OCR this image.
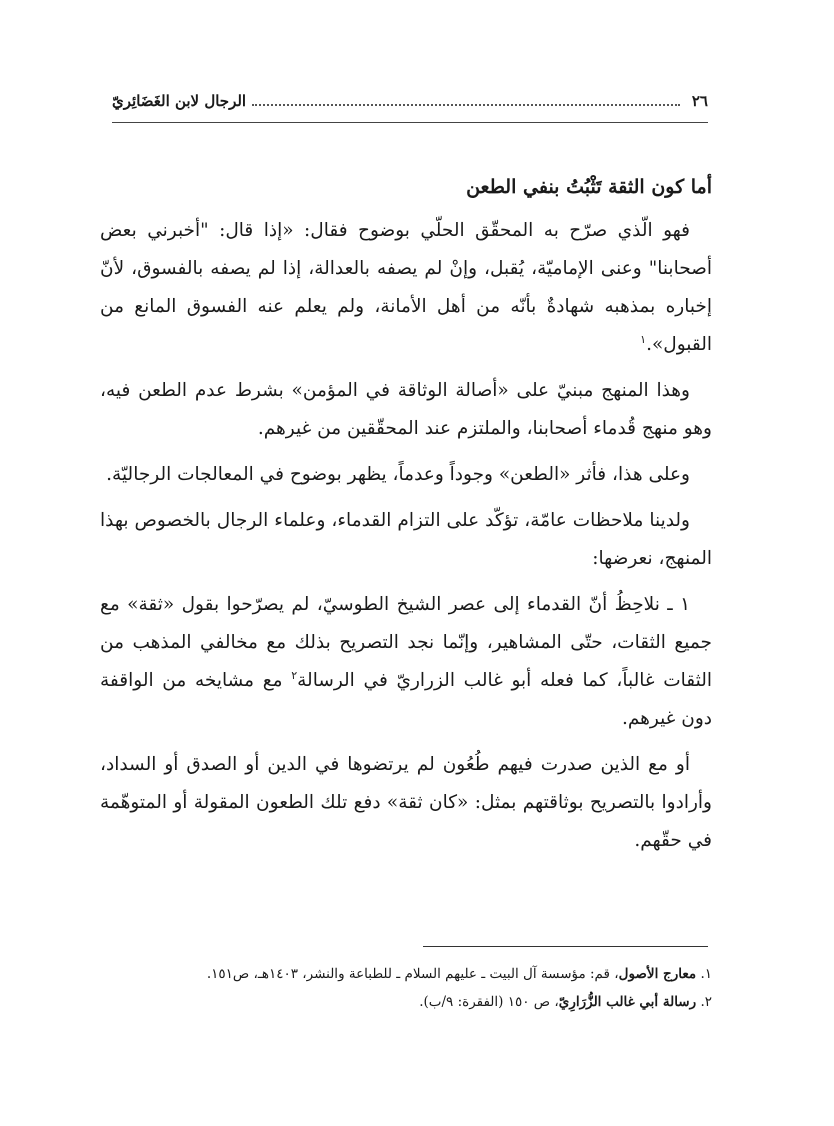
٢٦
الرجال لابن الغَضَائِريّ

أما كون الثقة تَثْبُتُ بنفي الطعن

فهو الّذي صرّح به المحقّق الحلّي بوضوح فقال: «إذا قال: "أخبرني بعض أصحابنا" وعنى الإماميّة، يُقبل، وإنْ لم يصفه بالعدالة، إذا لم يصفه بالفسوق، لأنّ إخباره بمذهبه شهادةٌ بأنّه من أهل الأمانة، ولم يعلم عنه الفسوق المانع من القبول».$^١$

وهذا المنهج مبنيّ على «أصالة الوثاقة في المؤمن» بشرط عدم الطعن فيه، وهو منهج قُدماء أصحابنا، والملتزم عند المحقّقين من غيرهم.

وعلى هذا، فأثر «الطعن» وجوداً وعدماً، يظهر بوضوح في المعالجات الرجاليّة.

ولدينا ملاحظات عامّة، تؤكّد على التزام القدماء، وعلماء الرجال بالخصوص بهذا المنهج، نعرضها:

١ ـ نلاحِظُ أنّ القدماء إلى عصر الشيخ الطوسيّ، لم يصرّحوا بقول «ثقة» مع جميع الثقات، حتّى المشاهير، وإنّما نجد التصريح بذلك مع مخالفي المذهب من الثقات غالباً، كما فعله أبو غالب الزراريّ في الرسالة$^٢$ مع مشايخه من الواقفة دون غيرهم.

أو مع الذين صدرت فيهم طُعُون لم يرتضوها في الدين أو الصدق أو السداد، وأرادوا بالتصريح بوثاقتهم بمثل: «كان ثقة» دفع تلك الطعون المقولة أو المتوهّمة في حقّهم.

١. معارج الأصول، قم: مؤسسة آل البيت ـ عليهم السلام ـ للطباعة والنشر، ١٤٠٣هـ، ص١٥١.

٢. رسالة أبي غالب الزُّرَارِيّ، ص ١٥٠ (الفقرة: ٩/ب).
